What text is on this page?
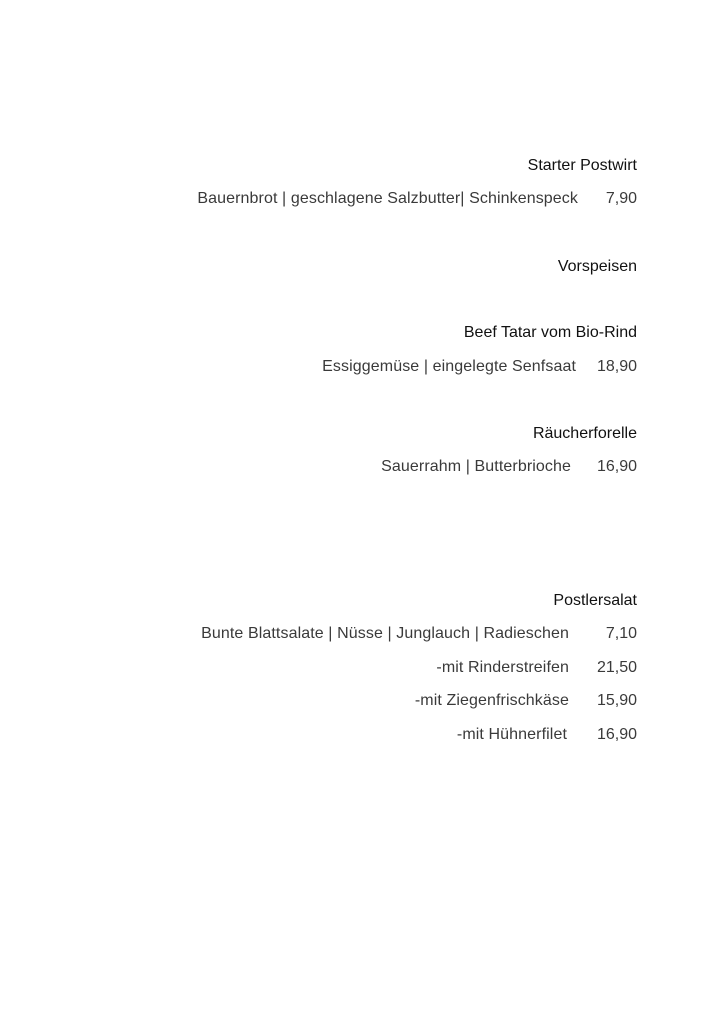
Starter Postwirt
Bauernbrot | geschlagene Salzbutter| Schinkenspeck 7,90
Vorspeisen
Beef Tatar vom Bio-Rind
Essiggemüse | eingelegte Senfsaat 18,90
Räucherforelle
Sauerrahm | Butterbrioche 16,90
Postlersalat
Bunte Blattsalate | Nüsse | Junglauch | Radieschen 7,10
-mit Rinderstreifen 21,50
-mit Ziegenfrischkäse 15,90
-mit Hühnerfilet 16,90
